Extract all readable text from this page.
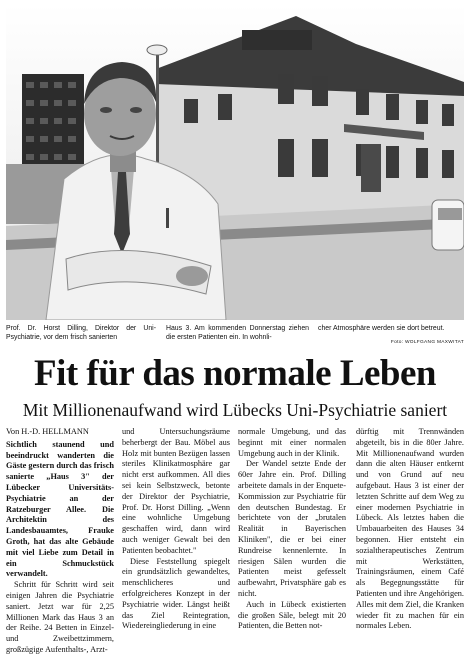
Prof. Dr. Horst Dilling, Direktor der Uni-Psychiatrie, vor dem frisch sanierten
Haus 3. Am kommenden Donnerstag ziehen die ersten Patienten ein. In wohnli-
cher Atmosphäre werden sie dort betreut.
Foto: WOLFGANG MAXWITAT
Fit für das normale Leben
Mit Millionenaufwand wird Lübecks Uni-Psychiatrie saniert

Von H.-D. HELLMANN

Sichtlich staunend und beeindruckt wanderten die Gäste gestern durch das frisch sanierte „Haus 3" der Lübecker Universitäts-Psychiatrie an der Ratzeburger Allee. Die Architektin des Landesbauamtes, Frauke Groth, hat das alte Gebäude mit viel Liebe zum Detail in ein Schmuckstück verwandelt.

Schritt für Schritt wird seit einigen Jahren die Psychiatrie saniert. Jetzt war für 2,25 Millionen Mark das Haus 3 an der Reihe. 24 Betten in Einzel- und Zweibettzimmern, großzügige Aufenthalts-, Arzt-

und Untersuchungsräume beherbergt der Bau. Möbel aus Holz mit bunten Bezügen lassen steriles Klinikatmosphäre gar nicht erst aufkommen. All dies sei kein Selbstzweck, betonte der Direktor der Psychiatrie, Prof. Dr. Horst Dilling. „Wenn eine wohnliche Umgebung geschaffen wird, dann wird auch weniger Gewalt bei den Patienten beobachtet."

Diese Feststellung spiegelt ein grundsätzlich gewandeltes, menschlicheres und erfolgreicheres Konzept in der Psychiatrie wider. Längst heißt das Ziel Reintegration, Wiedereingliederung in eine

normale Umgebung, und das beginnt mit einer normalen Umgebung auch in der Klinik.

Der Wandel setzte Ende der 60er Jahre ein. Prof. Dilling arbeitete damals in der Enquete-Kommission zur Psychiatrie für den deutschen Bundestag. Er berichtete von der „brutalen Realität in Bayerischen Kliniken", die er bei einer Rundreise kennenlernte. In riesigen Sälen wurden die Patienten meist gefesselt aufbewahrt, Privatsphäre gab es nicht.

Auch in Lübeck existierten die großen Säle, belegt mit 20 Patienten, die Betten not-

dürftig mit Trennwänden abgeteilt, bis in die 80er Jahre. Mit Millionenaufwand wurden dann die alten Häuser entkernt und von Grund auf neu aufgebaut. Haus 3 ist einer der letzten Schritte auf dem Weg zu einer modernen Psychiatrie in Lübeck. Als letztes haben die Umbauarbeiten des Hauses 34 begonnen. Hier entsteht ein sozialtherapeutisches Zentrum mit Werkstätten, Trainingsräumen, einem Café als Begegnungsstätte für Patienten und ihre Angehörigen. Alles mit dem Ziel, die Kranken wieder fit zu machen für ein normales Leben.
